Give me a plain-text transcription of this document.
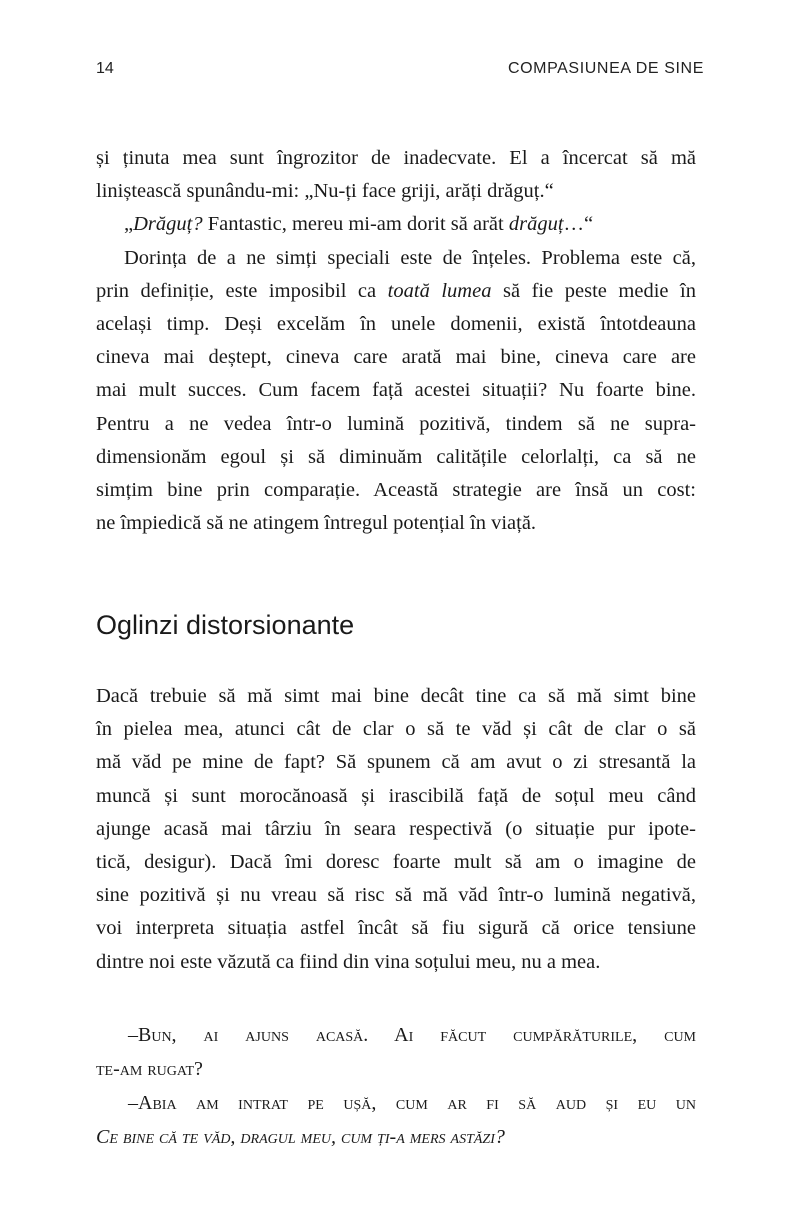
14	COMPASIUNEA DE SINE

și ținuta mea sunt îngrozitor de inadecvate. El a încercat să mă

liniștească spunându-mi: „Nu-ți face griji, arăți drăguț.“

„Drăguț? Fantastic, mereu mi-am dorit să arăt drăguț…“

Dorința de a ne simți speciali este de înțeles. Problema este că,

prin definiție, este imposibil ca toată lumea să fie peste medie în

același timp. Deși excelăm în unele domenii, există întotdeauna

cineva mai deștept, cineva care arată mai bine, cineva care are

mai mult succes. Cum facem față acestei situații? Nu foarte bine.

Pentru a ne vedea într-o lumină pozitivă, tindem să ne supra-

dimensionăm egoul și să diminuăm calitățile celorlalți, ca să ne

simțim bine prin comparație. Această strategie are însă un cost:

ne împiedică să ne atingem întregul potențial în viață.

Oglinzi distorsionante

Dacă trebuie să mă simt mai bine decât tine ca să mă simt bine

în pielea mea, atunci cât de clar o să te văd și cât de clar o să

mă văd pe mine de fapt? Să spunem că am avut o zi stresantă la

muncă și sunt morocănoasă și irascibilă față de soțul meu când

ajunge acasă mai târziu în seara respectivă (o situație pur ipote-

tică, desigur). Dacă îmi doresc foarte mult să am o imagine de

sine pozitivă și nu vreau să risc să mă văd într-o lumină negativă,

voi interpreta situația astfel încât să fiu sigură că orice tensiune

dintre noi este văzută ca fiind din vina soțului meu, nu a mea.

–Bun, ai ajuns acasă. Ai făcut cumpărăturile, cum

te-am rugat?

–Abia am intrat pe ușă, cum ar fi să aud și eu un

Ce bine că te văd, dragul meu, cum ți-a mers astăzi?
